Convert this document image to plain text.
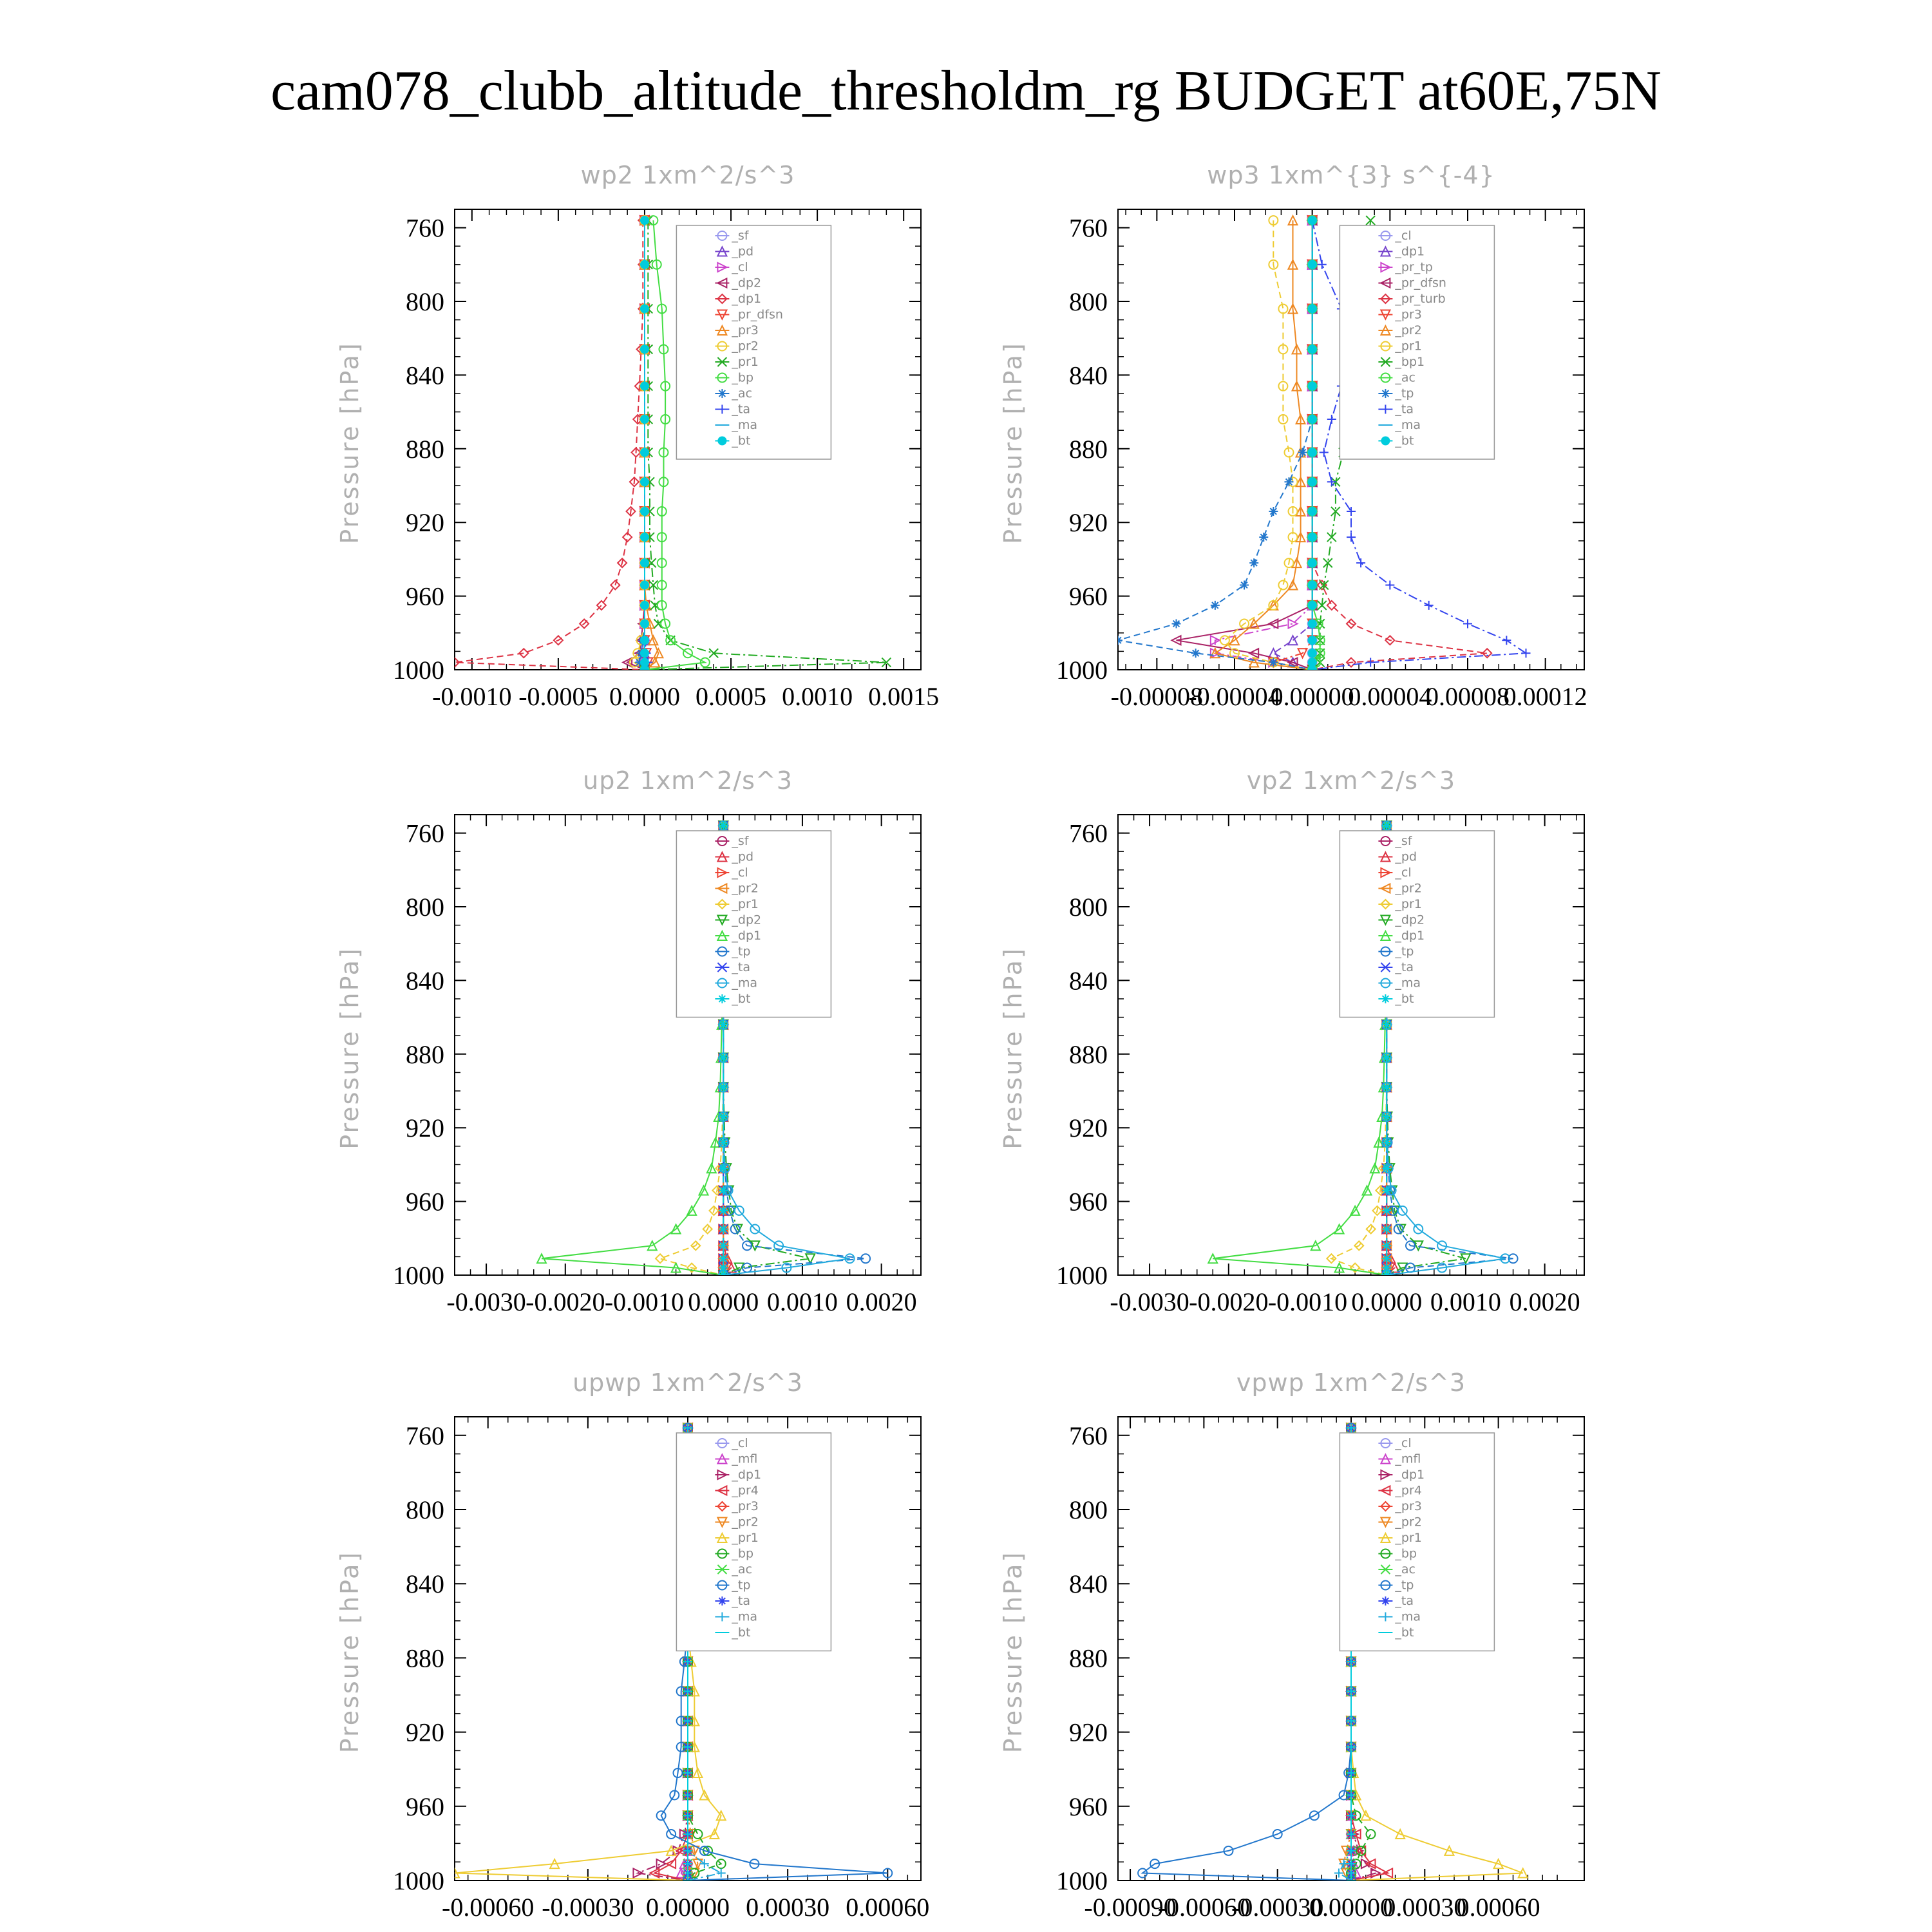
cam078_clubb_altitude_thresholdm_rg BUDGET at60E,75N
wp2 1xm^2/s^3
Pressure [hPa]
760
800
840
880
920
960
1000
-0.0010 -0.0005 0.0000 0.0005 0.0010 0.0015
_sf
_pd
_cl
_dp2
_dp1
_pr_dfsn
_pr3
_pr2
_pr1
_bp
_ac
_ta
_ma
_bt
wp3 1xm^{3} s^{-4}
Pressure [hPa]
760
800
840
880
920
960
1000
-0.00008
-0.00004
0.00000
0.00004
0.00008
0.00012
_cl
_dp1
_pr_tp
_pr_dfsn
_pr_turb
_pr3
_pr2
_pr1
_bp1
_ac
_tp
_ta
_ma
_bt
up2 1xm^2/s^3
Pressure [hPa]
760
800
840
880
920
960
1000
-0.0030 -0.0020 -0.0010 0.0000 0.0010 0.0020
_sf
_pd
_cl
_pr2
_pr1
_dp2
_dp1
_tp
_ta
_ma
_bt
vp2 1xm^2/s^3
Pressure [hPa]
760
800
840
880
920
960
1000
-0.0030 -0.0020 -0.0010 0.0000 0.0010 0.0020
_sf
_pd
_cl
_pr2
_pr1
_dp2
_dp1
_tp
_ta
_ma
_bt
upwp 1xm^2/s^3
Pressure [hPa]
760
800
840
880
920
960
1000
-0.00060 -0.00030 0.00000 0.00030 0.00060
_cl
_mfl
_dp1
_pr4
_pr3
_pr2
_pr1
_bp
_ac
_tp
_ta
_ma
_bt
vpwp 1xm^2/s^3
Pressure [hPa]
760
800
840
880
920
960
1000
-0.00090
-0.00060
-0.00030
0.00000
0.00030
0.00060
_cl
_mfl
_dp1
_pr4
_pr3
_pr2
_pr1
_bp
_ac
_tp
_ta
_ma
_bt
